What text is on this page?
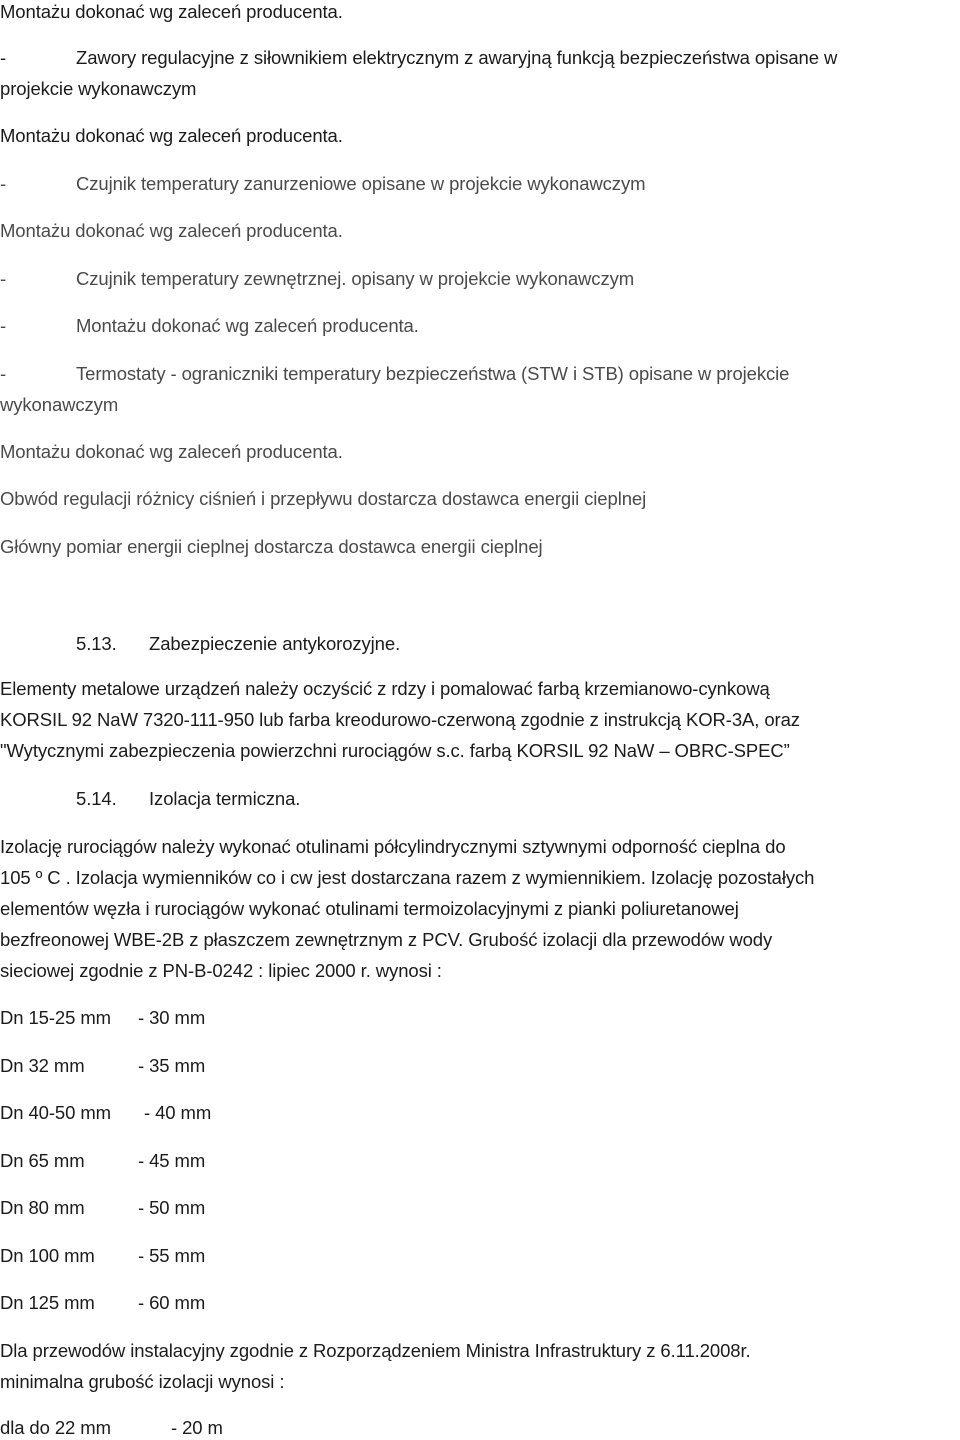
Montażu dokonać wg zaleceń producenta.
-	Zawory regulacyjne z siłownikiem elektrycznym z awaryjną funkcją bezpieczeństwa opisane w
projekcie wykonawczym
Montażu dokonać wg zaleceń producenta.
-	Czujnik temperatury zanurzeniowe opisane w projekcie wykonawczym
Montażu dokonać wg zaleceń producenta.
-	Czujnik temperatury zewnętrznej. opisany w projekcie wykonawczym
-	Montażu dokonać wg zaleceń producenta.
-	Termostaty - ograniczniki temperatury bezpieczeństwa (STW i STB) opisane w projekcie
wykonawczym
Montażu dokonać wg zaleceń producenta.
Obwód regulacji różnicy ciśnień i przepływu dostarcza dostawca energii cieplnej
Główny pomiar energii cieplnej dostarcza dostawca energii cieplnej
5.13. Zabezpieczenie antykorozyjne.
Elementy metalowe urządzeń należy oczyścić z rdzy i pomalować farbą krzemianowo-cynkową
KORSIL 92 NaW 7320-111-950 lub farba kreodurowo-czerwoną zgodnie z instrukcją KOR-3A, oraz
"Wytycznymi zabezpieczenia powierzchni rurociągów s.c. farbą KORSIL 92 NaW – OBRC-SPEC”
5.14. Izolacja termiczna.
Izolację rurociągów należy wykonać otulinami półcylindrycznymi sztywnymi odporność cieplna do
105 º C . Izolacja wymienników co i cw jest dostarczana razem z wymiennikiem. Izolację pozostałych
elementów węzła i rurociągów wykonać otulinami termoizolacyjnymi z pianki poliuretanowej
bezfreonowej WBE-2B z płaszczem zewnętrznym z PCV. Grubość izolacji dla przewodów wody
sieciowej zgodnie z PN-B-0242 : lipiec 2000 r. wynosi :
Dn 15-25 mm - 30 mm
Dn 32 mm	- 35 mm
Dn 40-50 mm - 40 mm
Dn 65 mm	- 45 mm
Dn 80 mm	- 50 mm
Dn 100 mm - 55 mm
Dn 125 mm - 60 mm
Dla przewodów instalacyjny zgodnie z Rozporządzeniem Ministra Infrastruktury z 6.11.2008r.
minimalna grubość izolacji wynosi :
dla do 22 mm	- 20 m
